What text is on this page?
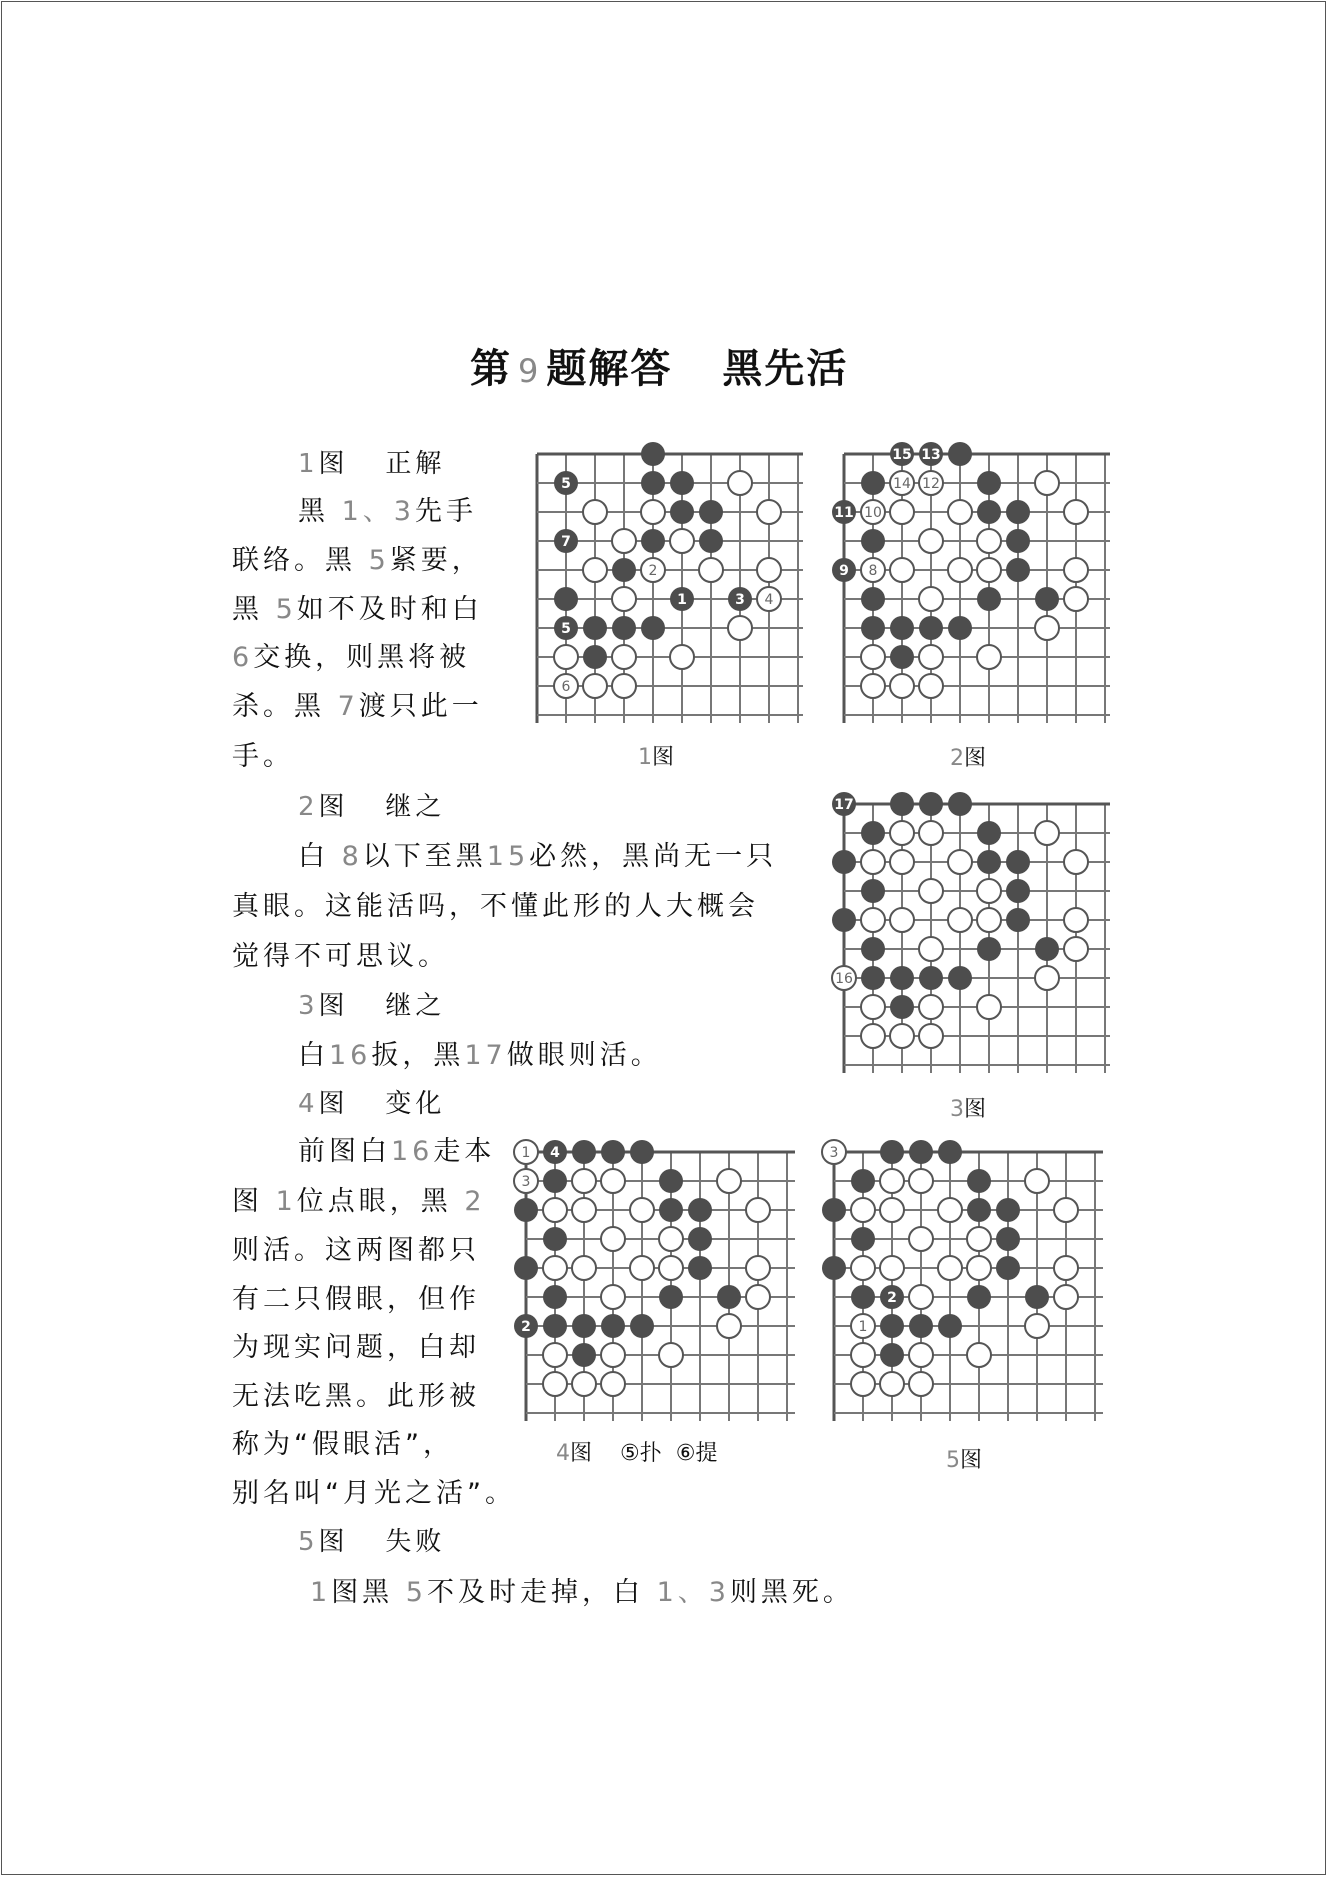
第 9 题解答 黑先活
1图 正解
黑 1、3先手
联络。黑 5紧要，
黑 5如不及时和白
6交换，则黑将被
杀。黑 7渡只此一
手。
2图 继之
白 8以下至黑15必然，黑尚无一只
真眼。这能活吗，不懂此形的人大概会
觉得不可思议。
3图 继之
白16扳，黑17做眼则活。
4图 变化
前图白16走本
图 1位点眼，黑 2
则活。这两图都只
有二只假眼，但作
为现实问题，白却
无法吃黑。此形被
称为“假眼活”，
别名叫“月光之活”。
5图 失败
1图黑 5不及时走掉，白 1、3则黑死。
5
7
2
1	3 4
5
6
15 13
14 12
11 10
9 8
17
16
1 4
3
2
3
2
1
1图	2图
3图
4图 ⑤扑 ⑥提	5图
